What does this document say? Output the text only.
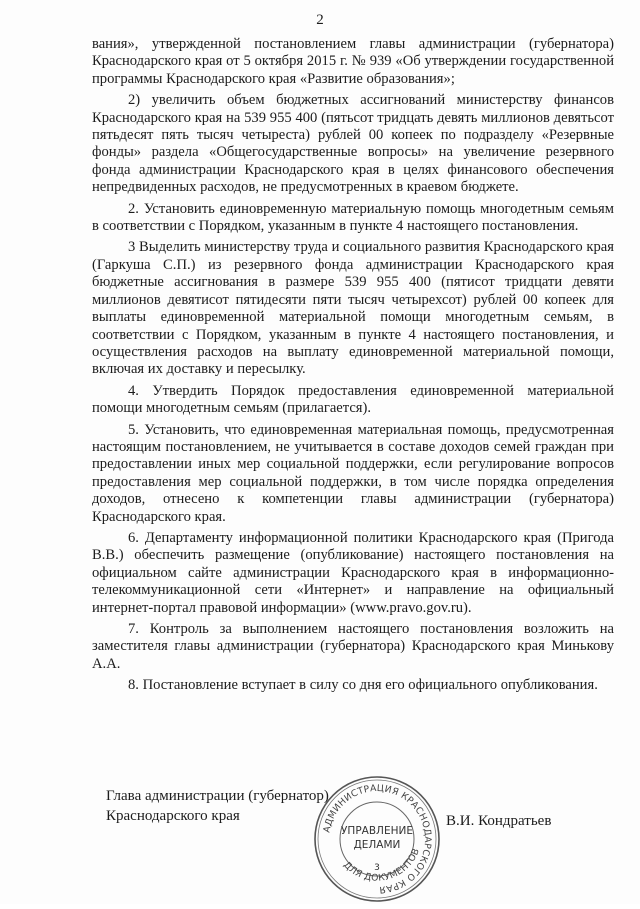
2

вания», утвержденной постановлением главы администрации (губернатора) Краснодарского края от 5 октября 2015 г. № 939 «Об утверждении государственной программы Краснодарского края «Развитие образования»;

2) увеличить объем бюджетных ассигнований министерству финансов Краснодарского края на 539 955 400 (пятьсот тридцать девять миллионов девятьсот пятьдесят пять тысяч четыреста) рублей 00 копеек по подразделу «Резервные фонды» раздела «Общегосударственные вопросы» на увеличение резервного фонда администрации Краснодарского края в целях финансового обеспечения непредвиденных расходов, не предусмотренных в краевом бюджете.

2. Установить единовременную материальную помощь многодетным семьям в соответствии с Порядком, указанным в пункте 4 настоящего постановления.

3 Выделить министерству труда и социального развития Краснодарского края (Гаркуша С.П.) из резервного фонда администрации Краснодарского края бюджетные ассигнования в размере 539 955 400 (пятисот тридцати девяти миллионов девятисот пятидесяти пяти тысяч четырехсот) рублей 00 копеек для выплаты единовременной материальной помощи многодетным семьям, в соответствии с Порядком, указанным в пункте 4 настоящего постановления, и осуществления расходов на выплату единовременной материальной помощи, включая их доставку и пересылку.

4. Утвердить Порядок предоставления единовременной материальной помощи многодетным семьям (прилагается).

5. Установить, что единовременная материальная помощь, предусмотренная настоящим постановлением, не учитывается в составе доходов семей граждан при предоставлении иных мер социальной поддержки, если регулирование вопросов предоставления мер социальной поддержки, в том числе порядка определения доходов, отнесено к компетенции главы администрации (губернатора) Краснодарского края.

6. Департаменту информационной политики Краснодарского края (Пригода В.В.) обеспечить размещение (опубликование) настоящего постановления на официальном сайте администрации Краснодарского края в информационно-телекоммуникационной сети «Интернет» и направление на официальный интернет-портал правовой информации» (www.pravo.gov.ru).

7. Контроль за выполнением настоящего постановления возложить на заместителя главы администрации (губернатора) Краснодарского края Минькову А.А.

8. Постановление вступает в силу со дня его официального опубликования.

Глава администрации (губернатор)
Краснодарского края
АДМИНИСТРАЦИЯ КРАСНОДАРСКОГО КРАЯ
ДЛЯ ДОКУМЕНТОВ
УПРАВЛЕНИЕ
ДЕЛАМИ
3
В.И. Кондратьев
